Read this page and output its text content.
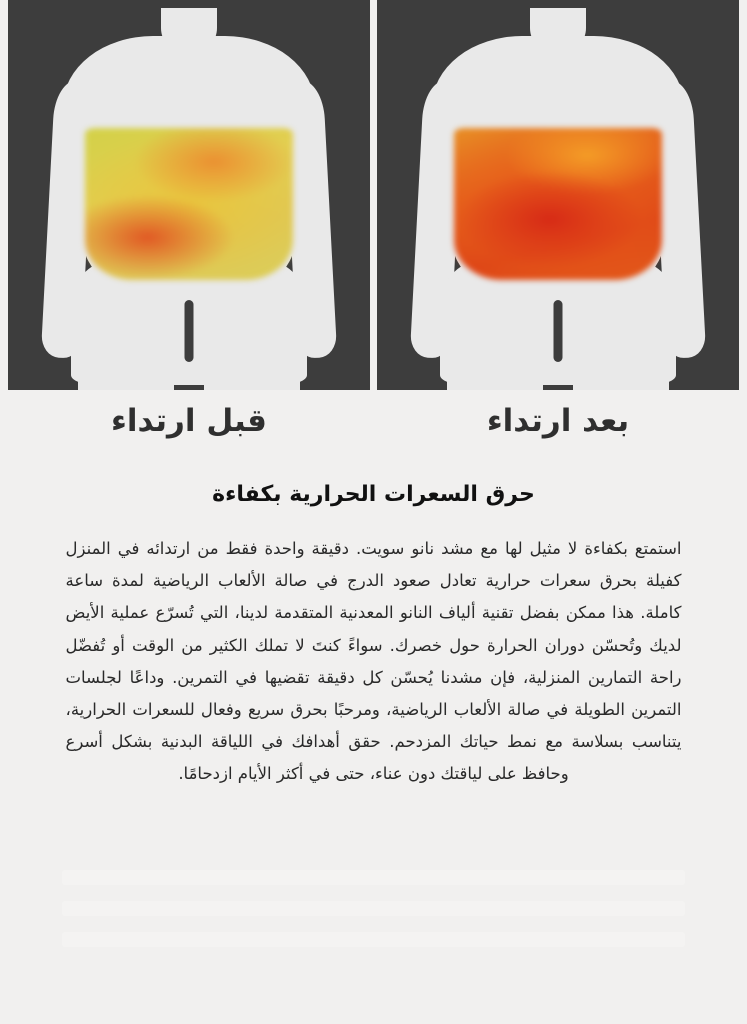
بعد ارتداء
قبل ارتداء
حرق السعرات الحرارية بكفاءة

استمتع بكفاءة لا مثيل لها مع مشد نانو سويت. دقيقة واحدة فقط من ارتدائه في المنزل كفيلة بحرق سعرات حرارية تعادل صعود الدرج في صالة الألعاب الرياضية لمدة ساعة كاملة. هذا ممكن بفضل تقنية ألياف النانو المعدنية المتقدمة لدينا، التي تُسرّع عملية الأيض لديك وتُحسّن دوران الحرارة حول خصرك. سواءً كنتَ لا تملك الكثير من الوقت أو تُفضّل راحة التمارين المنزلية، فإن مشدنا يُحسّن كل دقيقة تقضيها في التمرين. وداعًا لجلسات التمرين الطويلة في صالة الألعاب الرياضية، ومرحبًا بحرق سريع وفعال للسعرات الحرارية، يتناسب بسلاسة مع نمط حياتك المزدحم. حقق أهدافك في اللياقة البدنية بشكل أسرع وحافظ على لياقتك دون عناء، حتى في أكثر الأيام ازدحامًا.
